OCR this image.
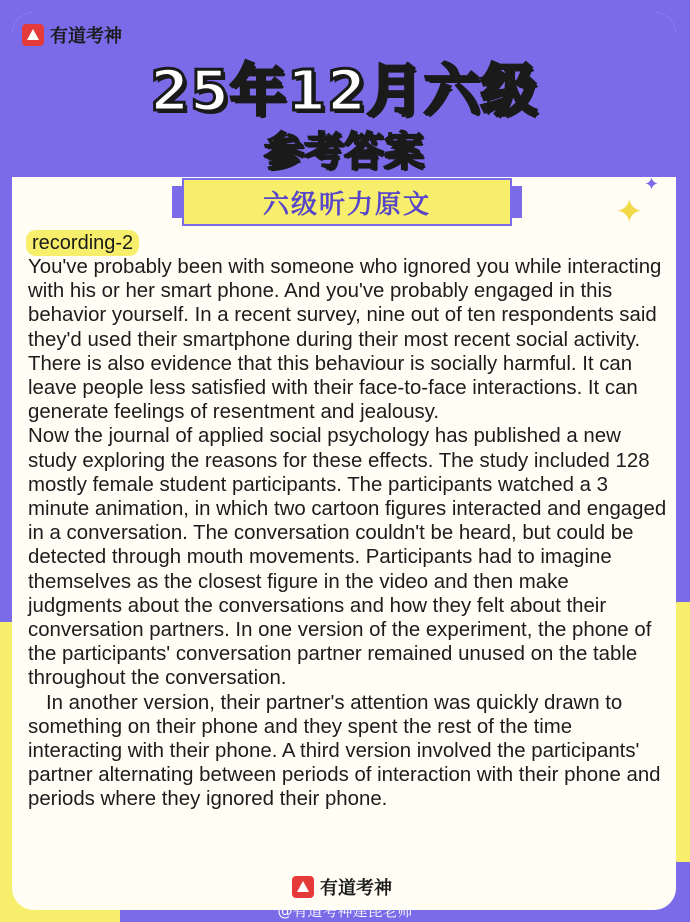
有道考神
25年12月六级
参考答案
六级听力原文	✦
✦
recording-2

You've probably been with someone who ignored you while interacting with his or her smart phone. And you've probably engaged in this behavior yourself. In a recent survey, nine out of ten respondents said they'd used their smartphone during their most recent social activity. There is also evidence that this behaviour is socially harmful. It can leave people less satisfied with their face-to-face interactions. It can generate feelings of resentment and jealousy.

Now the journal of applied social psychology has published a new study exploring the reasons for these effects. The study included 128 mostly female student participants. The participants watched a 3 minute animation, in which two cartoon figures interacted and engaged in a conversation. The conversation couldn't be heard, but could be detected through mouth movements. Participants had to imagine themselves as the closest figure in the video and then make judgments about the conversations and how they felt about their conversation partners. In one version of the experiment, the phone of the participants' conversation partner remained unused on the table throughout the conversation.

In another version, their partner's attention was quickly drawn to something on their phone and they spent the rest of the time interacting with their phone. A third version involved the participants' partner alternating between periods of interaction with their phone and periods where they ignored their phone.

有道考神
@有道考神建昆老师
